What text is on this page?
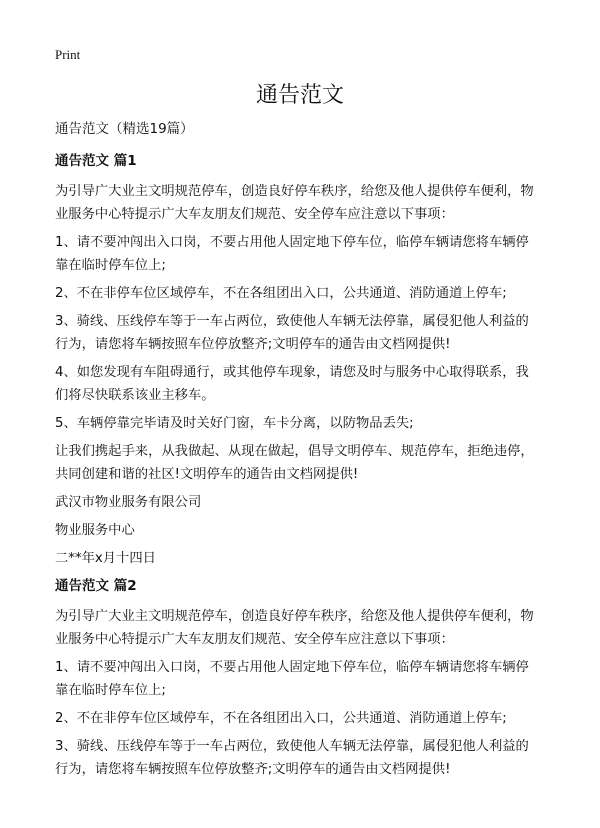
Print
通告范文
通告范文（精选19篇）
通告范文 篇1
为引导广大业主文明规范停车，创造良好停车秩序，给您及他人提供停车便利，物
业服务中心特提示广大车友朋友们规范、安全停车应注意以下事项：
1、请不要冲闯出入口岗，不要占用他人固定地下停车位，临停车辆请您将车辆停
靠在临时停车位上;
2、不在非停车位区域停车，不在各组团出入口，公共通道、消防通道上停车;
3、骑线、压线停车等于一车占两位，致使他人车辆无法停靠，属侵犯他人利益的
行为，请您将车辆按照车位停放整齐;文明停车的通告由文档网提供!
4、如您发现有车阻碍通行，或其他停车现象，请您及时与服务中心取得联系，我
们将尽快联系该业主移车。
5、车辆停靠完毕请及时关好门窗，车卡分离，以防物品丢失;
让我们携起手来，从我做起、从现在做起，倡导文明停车、规范停车，拒绝违停，
共同创建和谐的社区!文明停车的通告由文档网提供!
武汉市物业服务有限公司
物业服务中心
二**年x月十四日
通告范文 篇2
为引导广大业主文明规范停车，创造良好停车秩序，给您及他人提供停车便利，物
业服务中心特提示广大车友朋友们规范、安全停车应注意以下事项：
1、请不要冲闯出入口岗，不要占用他人固定地下停车位，临停车辆请您将车辆停
靠在临时停车位上;
2、不在非停车位区域停车，不在各组团出入口，公共通道、消防通道上停车;
3、骑线、压线停车等于一车占两位，致使他人车辆无法停靠，属侵犯他人利益的
行为，请您将车辆按照车位停放整齐;文明停车的通告由文档网提供!
